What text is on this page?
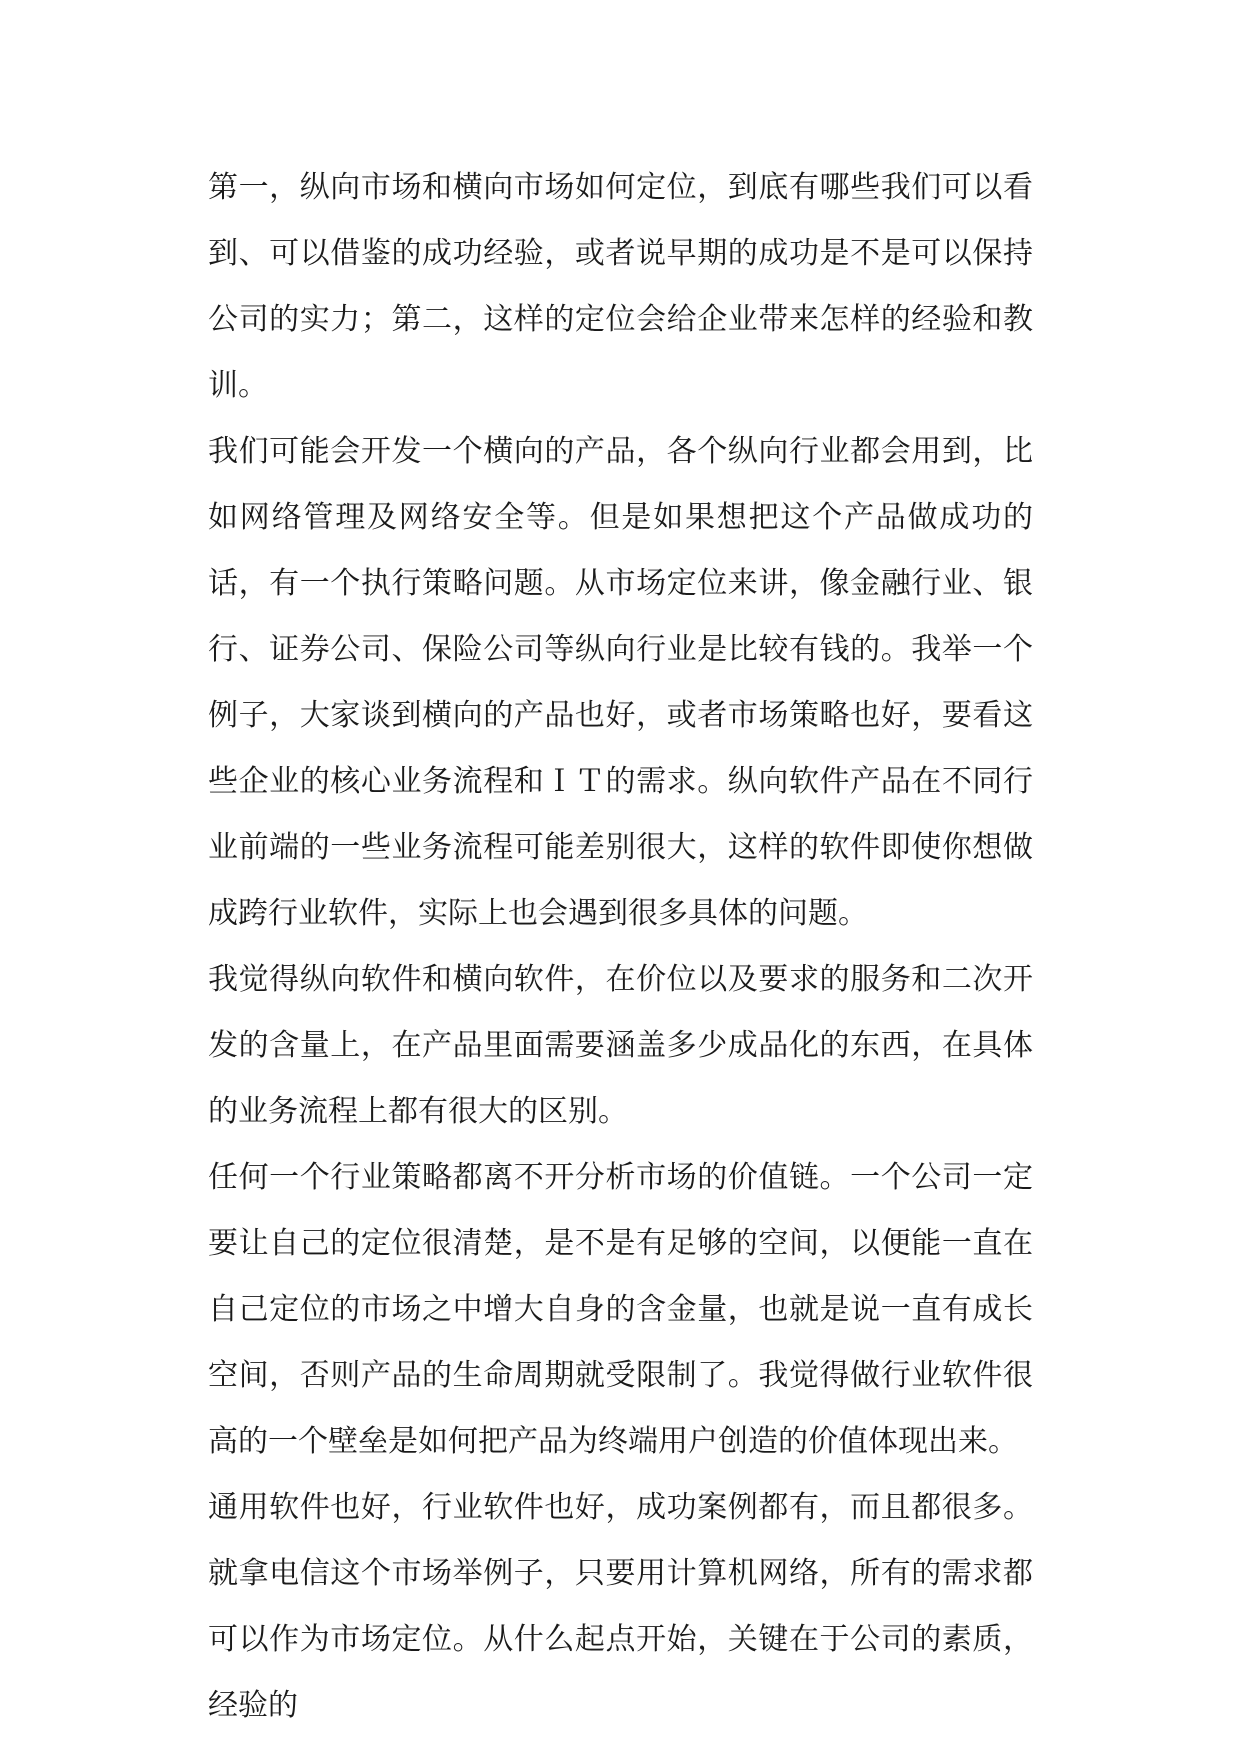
第一，纵向市场和横向市场如何定位，到底有哪些我们可以看到、可以借鉴的成功经验，或者说早期的成功是不是可以保持公司的实力；第二，这样的定位会给企业带来怎样的经验和教训。

我们可能会开发一个横向的产品，各个纵向行业都会用到，比如网络管理及网络安全等。但是如果想把这个产品做成功的话，有一个执行策略问题。从市场定位来讲，像金融行业、银行、证券公司、保险公司等纵向行业是比较有钱的。我举一个例子，大家谈到横向的产品也好，或者市场策略也好，要看这些企业的核心业务流程和ＩＴ的需求。纵向软件产品在不同行业前端的一些业务流程可能差别很大，这样的软件即使你想做成跨行业软件，实际上也会遇到很多具体的问题。

我觉得纵向软件和横向软件，在价位以及要求的服务和二次开发的含量上，在产品里面需要涵盖多少成品化的东西，在具体的业务流程上都有很大的区别。

任何一个行业策略都离不开分析市场的价值链。一个公司一定要让自己的定位很清楚，是不是有足够的空间，以便能一直在自己定位的市场之中增大自身的含金量，也就是说一直有成长空间，否则产品的生命周期就受限制了。我觉得做行业软件很高的一个壁垒是如何把产品为终端用户创造的价值体现出来。

通用软件也好，行业软件也好，成功案例都有，而且都很多。就拿电信这个市场举例子，只要用计算机网络，所有的需求都可以作为市场定位。从什么起点开始，关键在于公司的素质，经验的
